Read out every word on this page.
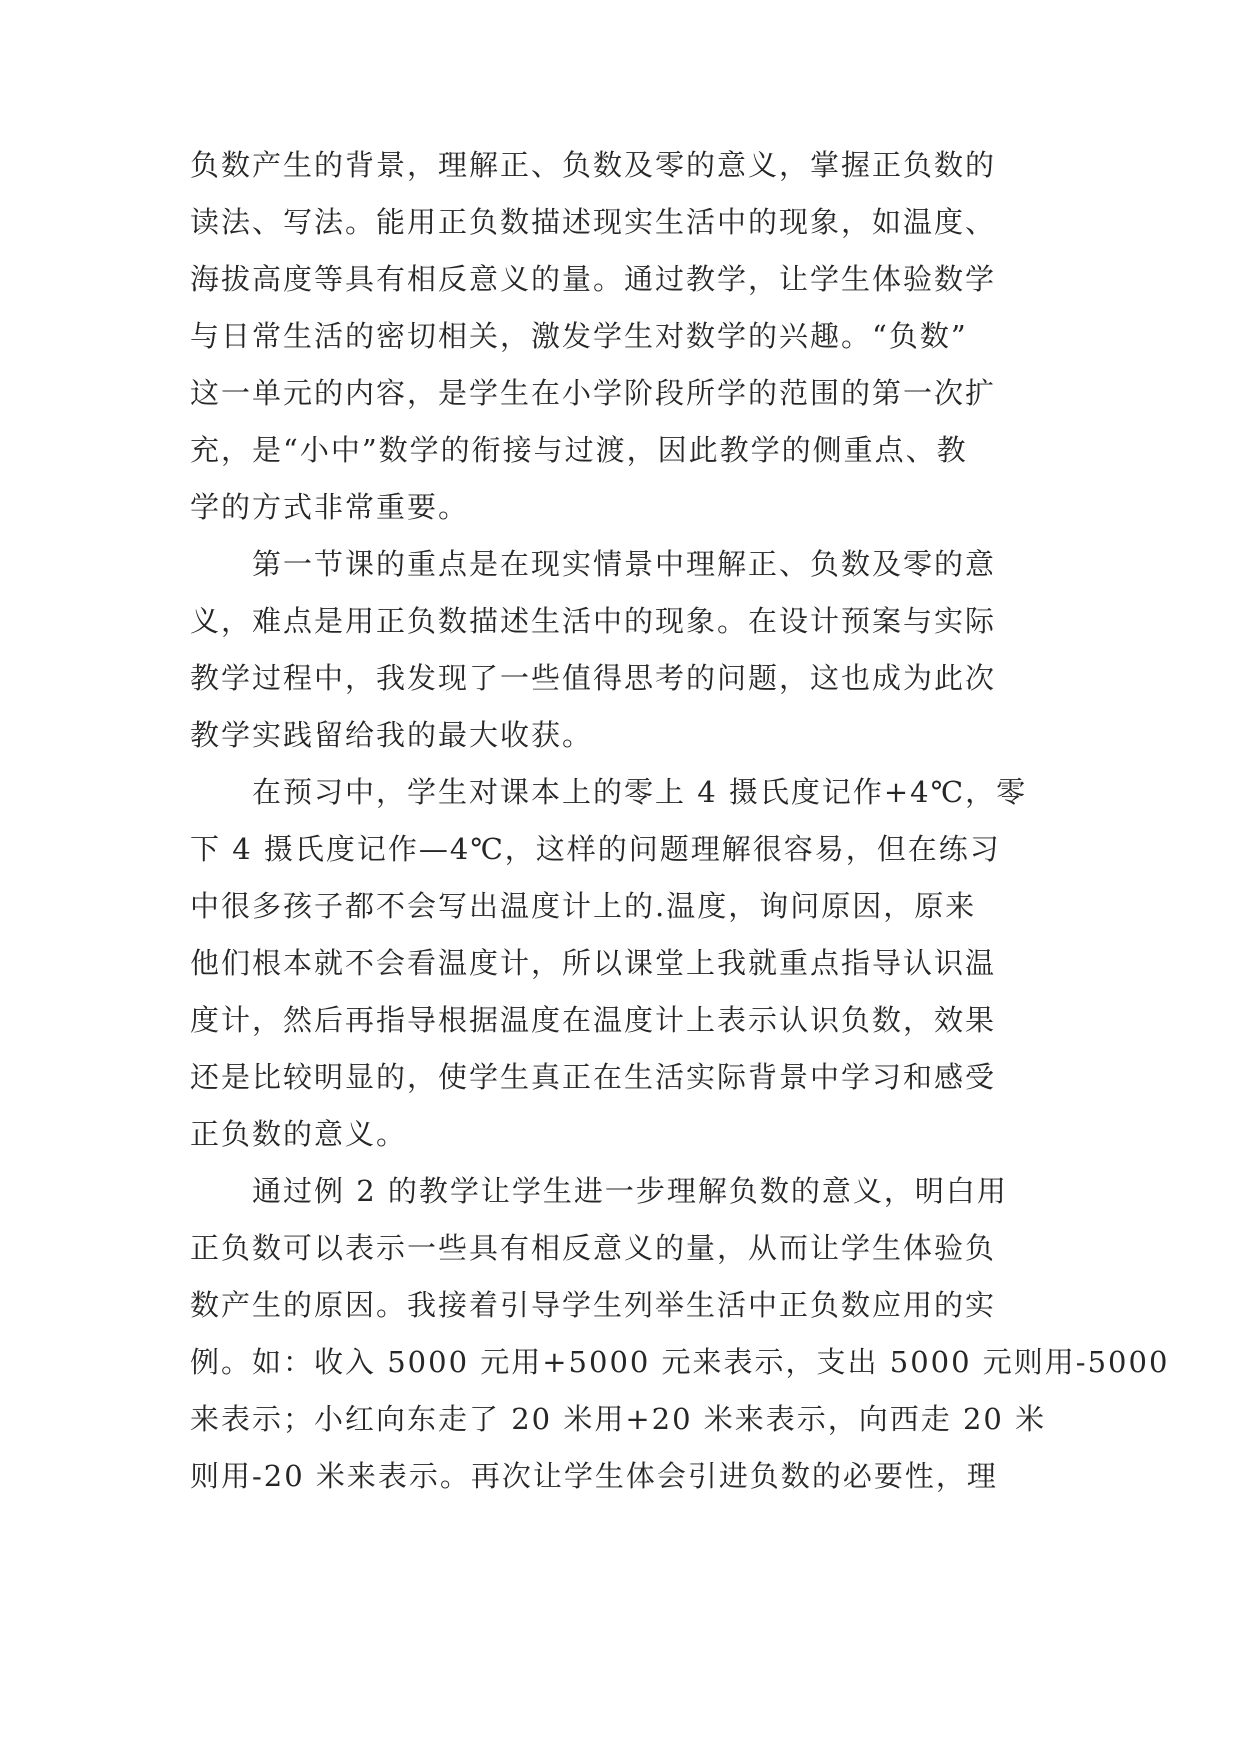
负数产生的背景，理解正、负数及零的意义，掌握正负数的

读法、写法。能用正负数描述现实生活中的现象，如温度、

海拔高度等具有相反意义的量。通过教学，让学生体验数学

与日常生活的密切相关，激发学生对数学的兴趣。“负数”

这一单元的内容，是学生在小学阶段所学的范围的第一次扩

充，是“小中”数学的衔接与过渡，因此教学的侧重点、教

学的方式非常重要。

第一节课的重点是在现实情景中理解正、负数及零的意

义，难点是用正负数描述生活中的现象。在设计预案与实际

教学过程中，我发现了一些值得思考的问题，这也成为此次

教学实践留给我的最大收获。

在预习中，学生对课本上的零上 4 摄氏度记作+4℃，零

下 4 摄氏度记作—4℃，这样的问题理解很容易，但在练习

中很多孩子都不会写出温度计上的.温度，询问原因，原来

他们根本就不会看温度计，所以课堂上我就重点指导认识温

度计，然后再指导根据温度在温度计上表示认识负数，效果

还是比较明显的，使学生真正在生活实际背景中学习和感受

正负数的意义。

通过例 2 的教学让学生进一步理解负数的意义，明白用

正负数可以表示一些具有相反意义的量，从而让学生体验负

数产生的原因。我接着引导学生列举生活中正负数应用的实

例。如：收入 5000 元用+5000 元来表示，支出 5000 元则用-5000

来表示；小红向东走了 20 米用+20 米来表示，向西走 20 米

则用-20 米来表示。再次让学生体会引进负数的必要性，理
